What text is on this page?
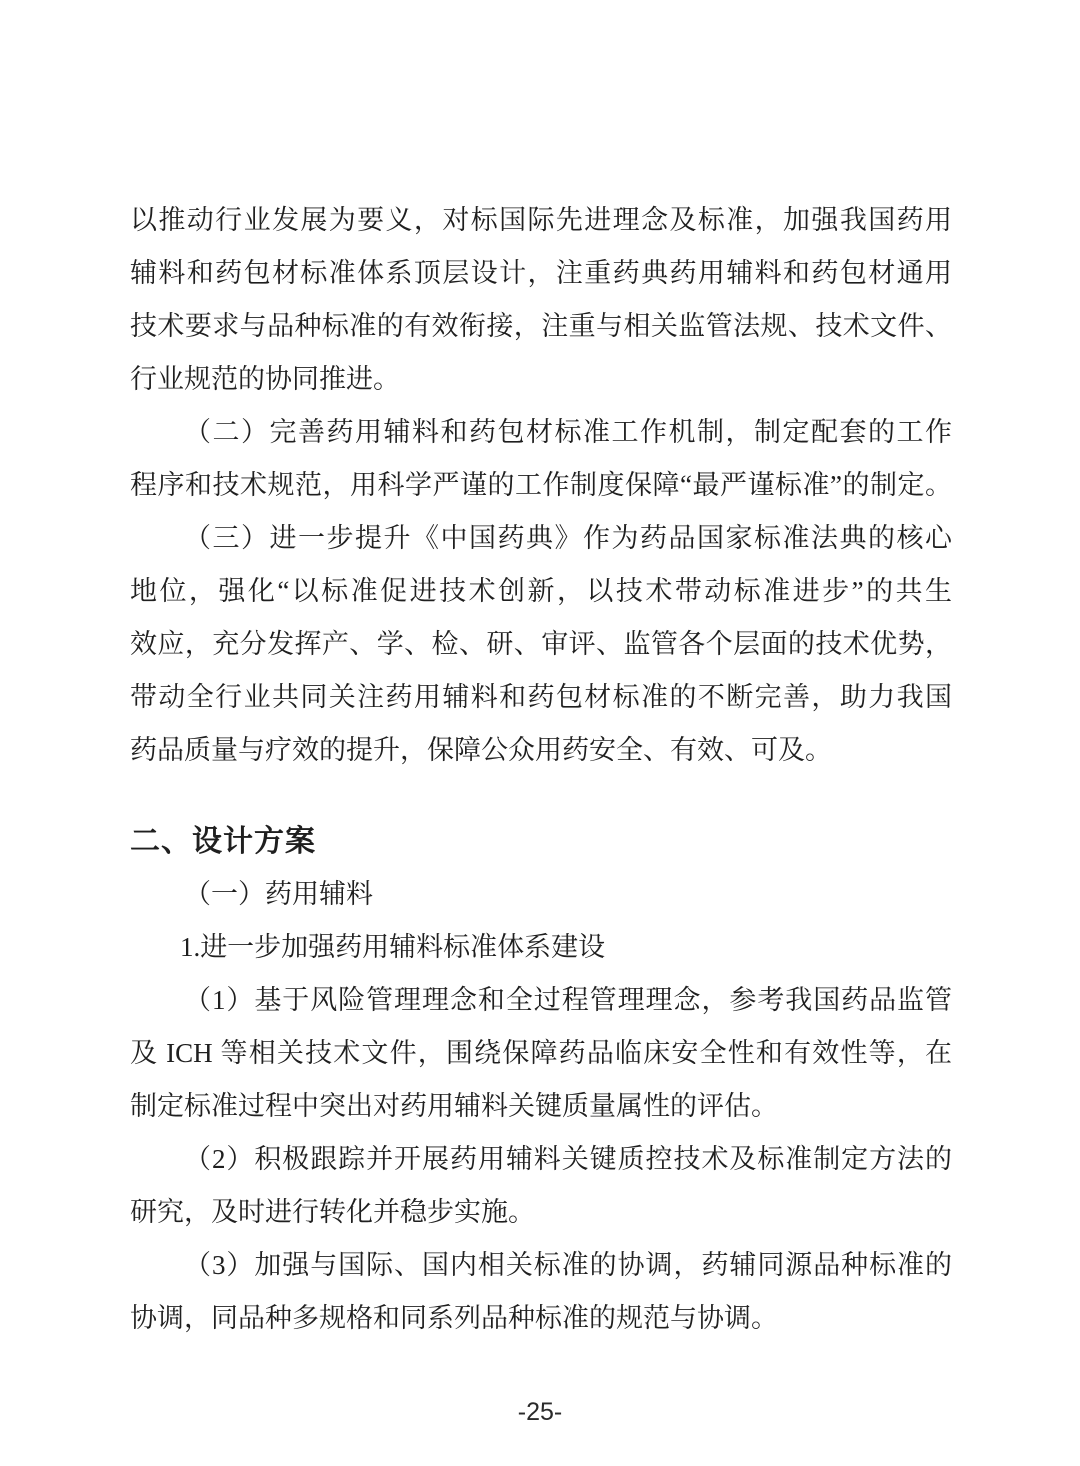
以推动行业发展为要义，对标国际先进理念及标准，加强我国药用
辅料和药包材标准体系顶层设计，注重药典药用辅料和药包材通用
技术要求与品种标准的有效衔接，注重与相关监管法规、技术文件、
行业规范的协同推进。
（二）完善药用辅料和药包材标准工作机制，制定配套的工作
程序和技术规范，用科学严谨的工作制度保障“最严谨标准”的制定。
（三）进一步提升《中国药典》作为药品国家标准法典的核心
地位，强化“以标准促进技术创新，以技术带动标准进步”的共生
效应，充分发挥产、学、检、研、审评、监管各个层面的技术优势，
带动全行业共同关注药用辅料和药包材标准的不断完善，助力我国
药品质量与疗效的提升，保障公众用药安全、有效、可及。
二、设计方案
（一）药用辅料
1.进一步加强药用辅料标准体系建设
（1）基于风险管理理念和全过程管理理念，参考我国药品监管
及 ICH 等相关技术文件，围绕保障药品临床安全性和有效性等，在
制定标准过程中突出对药用辅料关键质量属性的评估。
（2）积极跟踪并开展药用辅料关键质控技术及标准制定方法的
研究，及时进行转化并稳步实施。
（3）加强与国际、国内相关标准的协调，药辅同源品种标准的
协调，同品种多规格和同系列品种标准的规范与协调。
-25-
